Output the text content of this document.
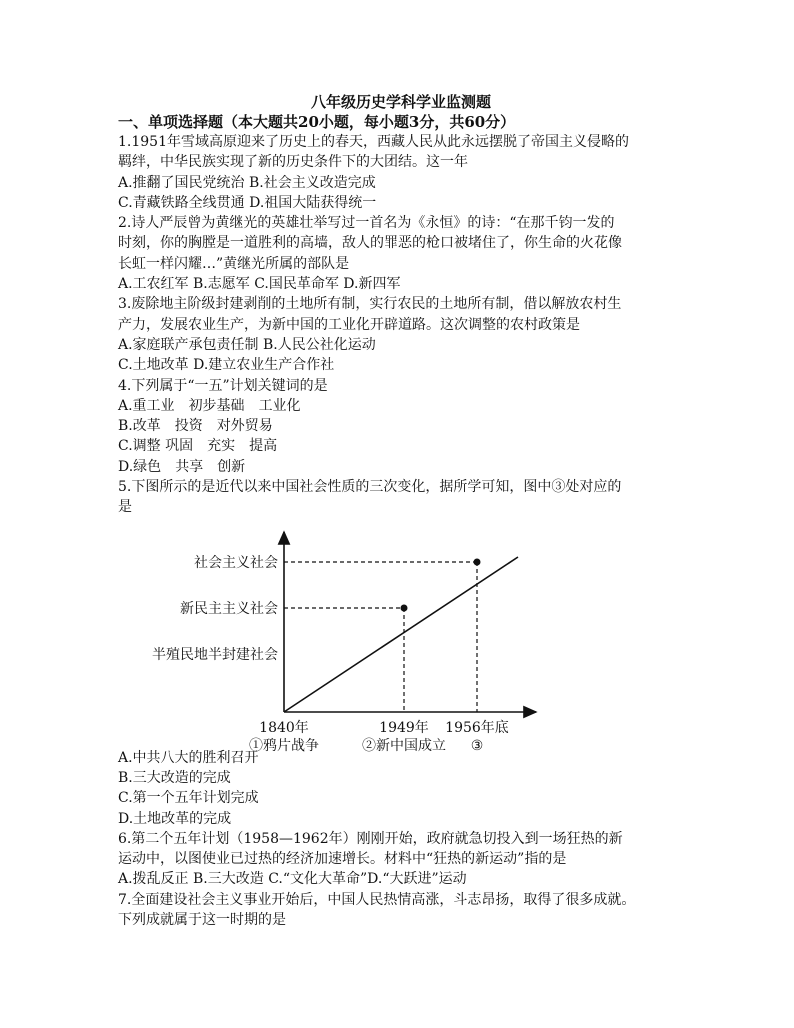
八年级历史学科学业监测题
一、单项选择题（本大题共20小题，每小题3分，共60分）
1.1951年雪域高原迎来了历史上的春天，西藏人民从此永远摆脱了帝国主义侵略的
羁绊，中华民族实现了新的历史条件下的大团结。这一年
A.推翻了国民党统治 B.社会主义改造完成
C.青藏铁路全线贯通 D.祖国大陆获得统一
2.诗人严辰曾为黄继光的英雄壮举写过一首名为《永恒》的诗：“在那千钧一发的
时刻，你的胸膛是一道胜利的高墙，敌人的罪恶的枪口被堵住了，你生命的火花像
长虹一样闪耀…”黄继光所属的部队是
A.工农红军 B.志愿军 C.国民革命军 D.新四军
3.废除地主阶级封建剥削的土地所有制，实行农民的土地所有制，借以解放农村生
产力，发展农业生产，为新中国的工业化开辟道路。这次调整的农村政策是
A.家庭联产承包责任制 B.人民公社化运动
C.土地改革 D.建立农业生产合作社
4.下列属于“一五”计划关键词的是
A.重工业 初步基础 工业化
B.改革 投资 对外贸易
C.调整 巩固 充实 提高
D.绿色 共享 创新
5.下图所示的是近代以来中国社会性质的三次变化，据所学可知，图中③处对应的
是
半殖民地半封建社会
新民主主义社会
社会主义社会
1840年	1949年 1956年底
①鸦片战争	②新中国成立 ③
A.中共八大的胜利召开
B.三大改造的完成
C.第一个五年计划完成
D.土地改革的完成
6.第二个五年计划（1958—1962年）刚刚开始，政府就急切投入到一场狂热的新
运动中，以图使业已过热的经济加速增长。材料中“狂热的新运动”指的是
A.拨乱反正 B.三大改造 C.“文化大革命”D.“大跃进”运动
7.全面建设社会主义事业开始后，中国人民热情高涨，斗志昂扬，取得了很多成就。
下列成就属于这一时期的是
